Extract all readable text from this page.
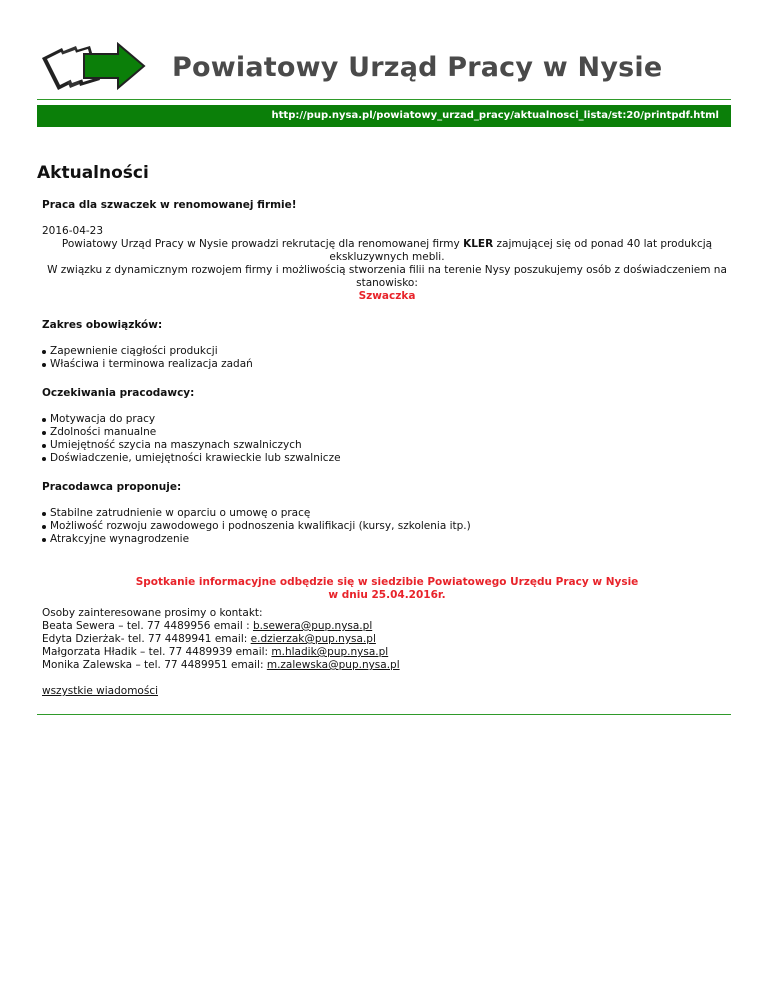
Powiatowy Urząd Pracy w Nysie
http://pup.nysa.pl/powiatowy_urzad_pracy/aktualnosci_lista/st:20/printpdf.html
Aktualności

Praca dla szwaczek w renomowanej firmie!

2016-04-23

Powiatowy Urząd Pracy w Nysie prowadzi rekrutację dla renomowanej firmy KLER zajmującej się od ponad 40 lat produkcją ekskluzywnych mebli.

W związku z dynamicznym rozwojem firmy i możliwością stworzenia filii na terenie Nysy poszukujemy osób z doświadczeniem na stanowisko:

Szwaczka

Zakres obowiązków:

Zapewnienie ciągłości produkcji
Właściwa i terminowa realizacja zadań

Oczekiwania pracodawcy:

Motywacja do pracy
Zdolności manualne
Umiejętność szycia na maszynach szwalniczych
Doświadczenie, umiejętności krawieckie lub szwalnicze

Pracodawca proponuje:

Stabilne zatrudnienie w oparciu o umowę o pracę
Możliwość rozwoju zawodowego i podnoszenia kwalifikacji (kursy, szkolenia itp.)
Atrakcyjne wynagrodzenie
Spotkanie informacyjne odbędzie się w siedzibie Powiatowego Urzędu Pracy w Nysie
w dniu 25.04.2016r.

Osoby zainteresowane prosimy o kontakt:

Beata Sewera – tel. 77 4489956 email : b.sewera@pup.nysa.pl

Edyta Dzierżak- tel. 77 4489941 email: e.dzierzak@pup.nysa.pl

Małgorzata Hładik – tel. 77 4489939 email: m.hladik@pup.nysa.pl

Monika Zalewska – tel. 77 4489951 email: m.zalewska@pup.nysa.pl

wszystkie wiadomości
